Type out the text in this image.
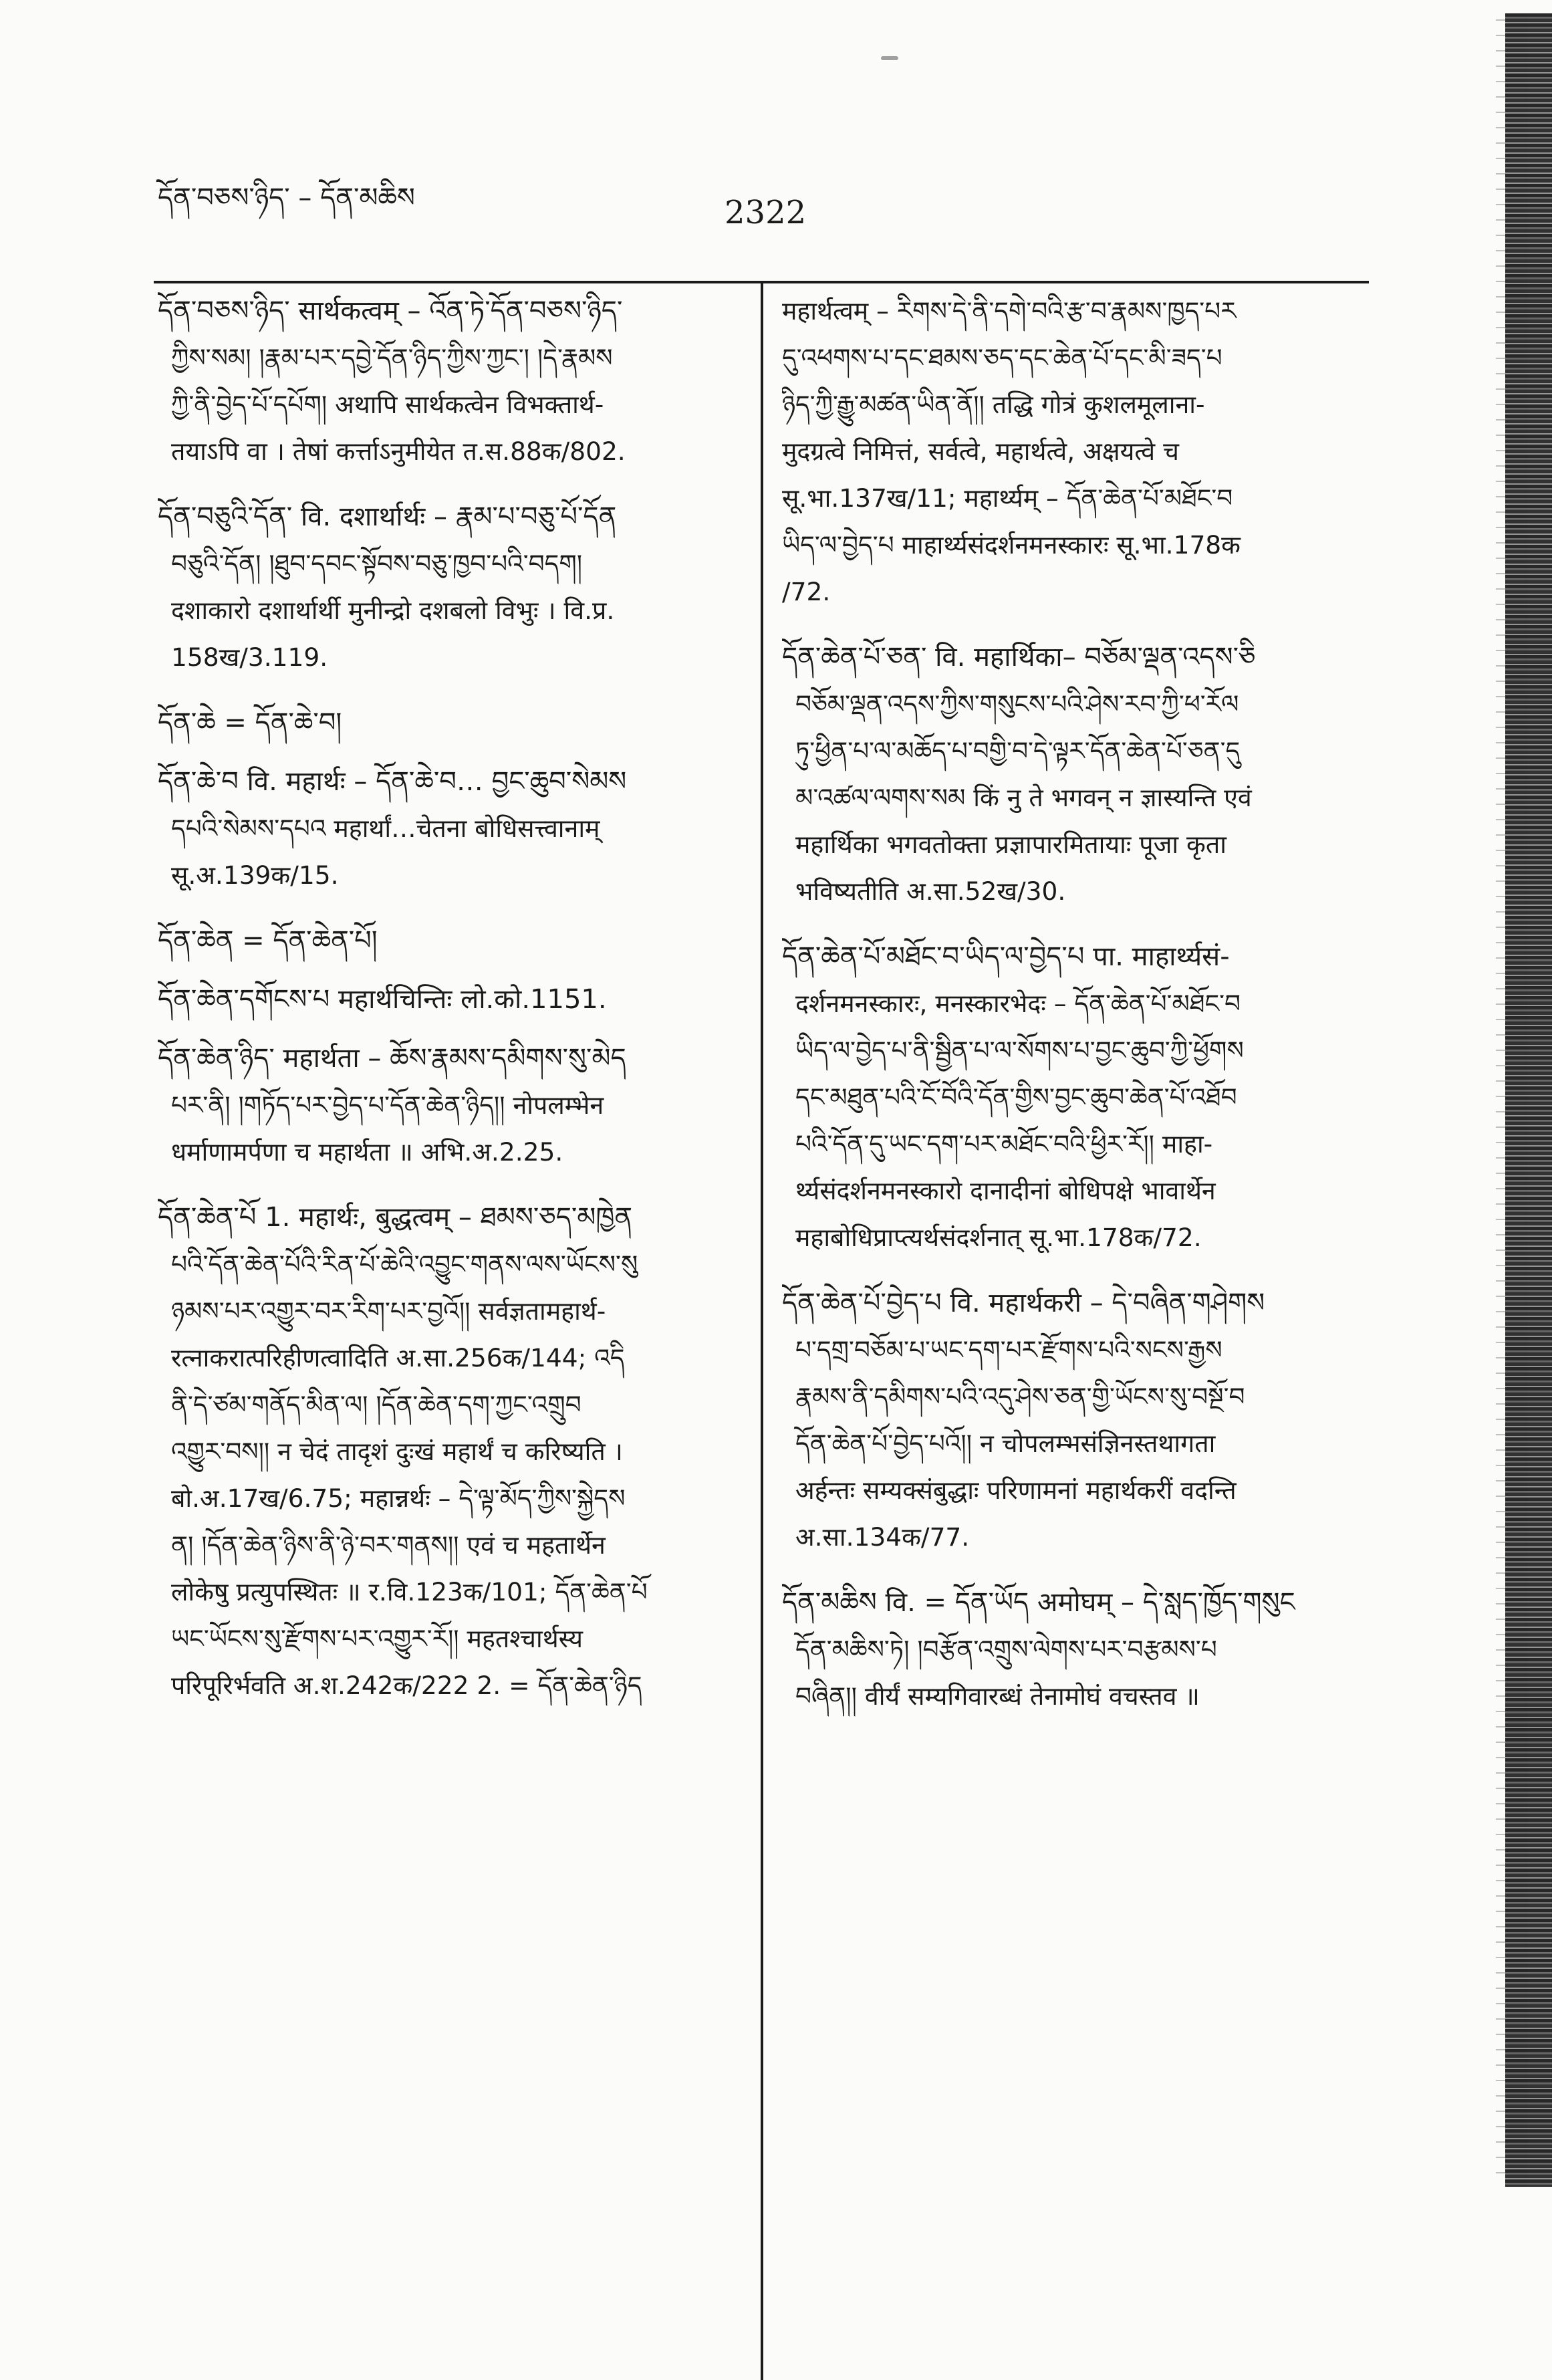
དོན་བཅས་ཉིད་ – དོན་མཆིས	2322
དོན་བཅས་ཉིད་ सार्थकत्वम् – འོན་ཏེ་དོན་བཅས་ཉིད་
ཀྱིས་སམ། །རྣམ་པར་དབྱེ་དོན་ཉིད་ཀྱིས་ཀྱང་། །དེ་རྣམས
ཀྱི་ནི་བྱེད་པོ་དཔོག། अथापि सार्थकत्वेन विभक्तार्थ-
तयाऽपि वा । तेषां कर्त्ताऽनुमीयेत त.स.88क/802.
དོན་བཅུའི་དོན་ वि. दशार्थार्थः – རྣམ་པ་བཅུ་པོ་དོན
བཅུའི་དོན། །ཐུབ་དབང་སྟོབས་བཅུ་ཁྱབ་པའི་བདག།
दशाकारो दशार्थार्थी मुनीन्द्रो दशबलो विभुः । वि.प्र.
158ख/3.119.
དོན་ཆེ = དོན་ཆེ་བ།
དོན་ཆེ་བ वि. महार्थः – དོན་ཆེ་བ… བྱང་ཆུབ་སེམས
དཔའི་སེམས་དཔའ महार्थां…चेतना बोधिसत्त्वानाम्
सू.अ.139क/15.
དོན་ཆེན = དོན་ཆེན་པོ།
དོན་ཆེན་དགོངས་པ महार्थचिन्तिः लो.को.1151.
དོན་ཆེན་ཉིད་ महार्थता – ཆོས་རྣམས་དམིགས་སུ་མེད
པར་ནི། །གཏོད་པར་བྱེད་པ་དོན་ཆེན་ཉིད།། नोपलम्भेन
धर्माणामर्पणा च महार्थता ॥ अभि.अ.2.25.
དོན་ཆེན་པོ 1. महार्थः, बुद्धत्वम् – ཐམས་ཅད་མཁྱེན
པའི་དོན་ཆེན་པོའི་རིན་པོ་ཆེའི་འབྱུང་གནས་ལས་ཡོངས་སུ
ཉམས་པར་འགྱུར་བར་རིག་པར་བྱའོ།། सर्वज्ञतामहार्थ-
रत्नाकरात्परिहीणत्वादिति अ.सा.256क/144; འདི
ནི་དེ་ཙམ་གནོད་མིན་ལ། །དོན་ཆེན་དག་ཀྱང་འགྲུབ
འགྱུར་བས།། न चेदं तादृशं दुःखं महार्थं च करिष्यति ।
बो.अ.17ख/6.75; महान्नर्थः – དེ་ལྟ་མོད་ཀྱིས་སྐྱེདས
ན། །དོན་ཆེན་ཉིས་ནི་ཉེ་བར་གནས།། एवं च महतार्थेन
लोकेषु प्रत्युपस्थितः ॥ र.वि.123क/101; དོན་ཆེན་པོ
ཡང་ཡོངས་སུ་རྫོགས་པར་འགྱུར་རོ།། महतश्चार्थस्य
परिपूरिर्भवति अ.श.242क/222 2. = དོན་ཆེན་ཉིད
महार्थत्वम् – རིགས་དེ་ནི་དགེ་བའི་རྩ་བ་རྣམས་ཁྱད་པར
དུ་འཕགས་པ་དང་ཐམས་ཅད་དང་ཆེན་པོ་དང་མི་ཟད་པ
ཉིད་ཀྱི་རྒྱུ་མཚན་ཡིན་ནོ།། तद्धि गोत्रं कुशलमूलाना-
मुदग्रत्वे निमित्तं, सर्वत्वे, महार्थत्वे, अक्षयत्वे च
सू.भा.137ख/11; महार्थ्यम् – དོན་ཆེན་པོ་མཐོང་བ
ཡིད་ལ་བྱེད་པ माहार्थ्यसंदर्शनमनस्कारः सू.भा.178क
/72.
དོན་ཆེན་པོ་ཅན་ वि. महार्थिका– བཅོམ་ལྡན་འདས་ཅི
བཅོམ་ལྡན་འདས་ཀྱིས་གསུངས་པའི་ཤེས་རབ་ཀྱི་ཕ་རོལ
ཏུ་ཕྱིན་པ་ལ་མཆོད་པ་བགྱི་བ་དེ་ལྟར་དོན་ཆེན་པོ་ཅན་དུ
མ་འཚལ་ལགས་སམ किं नु ते भगवन् न ज्ञास्यन्ति एवं
महार्थिका भगवतोक्ता प्रज्ञापारमितायाः पूजा कृता
भविष्यतीति अ.सा.52ख/30.
དོན་ཆེན་པོ་མཐོང་བ་ཡིད་ལ་བྱེད་པ पा. माहार्थ्यसं-
दर्शनमनस्कारः, मनस्कारभेदः – དོན་ཆེན་པོ་མཐོང་བ
ཡིད་ལ་བྱེད་པ་ནི་སྦྱིན་པ་ལ་སོགས་པ་བྱང་ཆུབ་ཀྱི་ཕྱོགས
དང་མཐུན་པའི་ངོ་བོའི་དོན་གྱིས་བྱང་ཆུབ་ཆེན་པོ་འཐོབ
པའི་དོན་དུ་ཡང་དག་པར་མཐོང་བའི་ཕྱིར་རོ།། माहा-
र्थ्यसंदर्शनमनस्कारो दानादीनां बोधिपक्षे भावार्थेन
महाबोधिप्राप्त्यर्थसंदर्शनात् सू.भा.178क/72.
དོན་ཆེན་པོ་བྱེད་པ वि. महार्थकरी – དེ་བཞིན་གཤེགས
པ་དགྲ་བཅོམ་པ་ཡང་དག་པར་རྫོགས་པའི་སངས་རྒྱས
རྣམས་ནི་དམིགས་པའི་འདུ་ཤེས་ཅན་གྱི་ཡོངས་སུ་བསྔོ་བ
དོན་ཆེན་པོ་བྱེད་པའོ།། न चोपलम्भसंज्ञिनस्तथागता
अर्हन्तः सम्यक्संबुद्धाः परिणामनां महार्थकरीं वदन्ति
अ.सा.134क/77.
དོན་མཆིས वि. = དོན་ཡོད अमोघम् – དེ་སླད་ཁྱོད་གསུང
དོན་མཆིས་ཏེ། །བརྩོན་འགྲུས་ལེགས་པར་བརྩམས་པ
བཞིན།། वीर्यं सम्यगिवारब्धं तेनामोघं वचस्तव ॥
